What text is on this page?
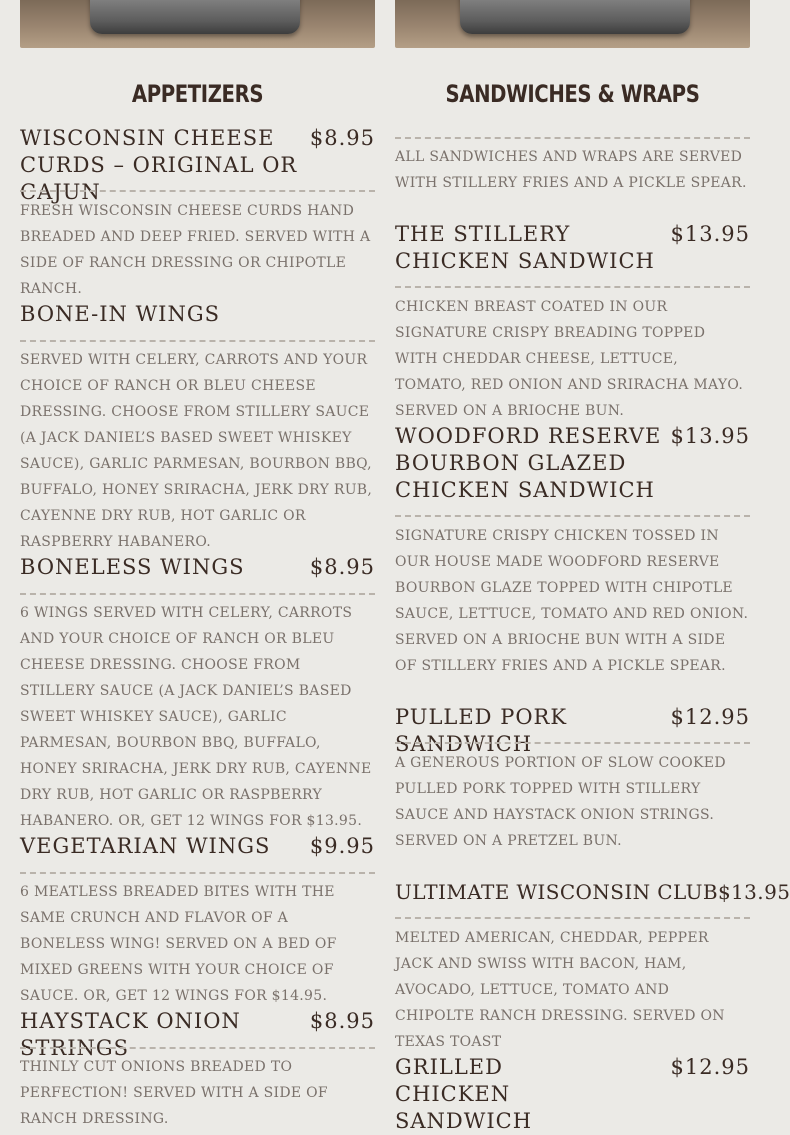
APPETIZERS
WISCONSIN CHEESE CURDS – ORIGINAL OR CAJUN
$8.95

FRESH WISCONSIN CHEESE CURDS HAND BREADED AND DEEP FRIED. SERVED WITH A SIDE OF RANCH DRESSING OR CHIPOTLE RANCH.

BONE-IN WINGS

SERVED WITH CELERY, CARROTS AND YOUR CHOICE OF RANCH OR BLEU CHEESE DRESSING. CHOOSE FROM STILLERY SAUCE (A JACK DANIEL’S BASED SWEET WHISKEY SAUCE), GARLIC PARMESAN, BOURBON BBQ, BUFFALO, HONEY SRIRACHA, JERK DRY RUB, CAYENNE DRY RUB, HOT GARLIC OR RASPBERRY HABANERO.

BONELESS WINGS	$8.95

6 WINGS SERVED WITH CELERY, CARROTS AND YOUR CHOICE OF RANCH OR BLEU CHEESE DRESSING. CHOOSE FROM STILLERY SAUCE (A JACK DANIEL’S BASED SWEET WHISKEY SAUCE), GARLIC PARMESAN, BOURBON BBQ, BUFFALO, HONEY SRIRACHA, JERK DRY RUB, CAYENNE DRY RUB, HOT GARLIC OR RASPBERRY HABANERO. OR, GET 12 WINGS FOR $13.95.

VEGETARIAN WINGS $9.95

6 MEATLESS BREADED BITES WITH THE SAME CRUNCH AND FLAVOR OF A BONELESS WING! SERVED ON A BED OF MIXED GREENS WITH YOUR CHOICE OF SAUCE. OR, GET 12 WINGS FOR $14.95.

HAYSTACK ONION STRINGS
$8.95

THINLY CUT ONIONS BREADED TO PERFECTION! SERVED WITH A SIDE OF RANCH DRESSING.

SANDWICHES & WRAPS

ALL SANDWICHES AND WRAPS ARE SERVED WITH STILLERY FRIES AND A PICKLE SPEAR.

THE STILLERY CHICKEN SANDWICH
$13.95

CHICKEN BREAST COATED IN OUR SIGNATURE CRISPY BREADING TOPPED WITH CHEDDAR CHEESE, LETTUCE, TOMATO, RED ONION AND SRIRACHA MAYO. SERVED ON A BRIOCHE BUN.

WOODFORD RESERVE BOURBON GLAZED CHICKEN SANDWICH
$13.95

SIGNATURE CRISPY CHICKEN TOSSED IN OUR HOUSE MADE WOODFORD RESERVE BOURBON GLAZE TOPPED WITH CHIPOTLE SAUCE, LETTUCE, TOMATO AND RED ONION. SERVED ON A BRIOCHE BUN WITH A SIDE OF STILLERY FRIES AND A PICKLE SPEAR.

PULLED PORK SANDWICH
$12.95

A GENEROUS PORTION OF SLOW COOKED PULLED PORK TOPPED WITH STILLERY SAUCE AND HAYSTACK ONION STRINGS. SERVED ON A PRETZEL BUN.

ULTIMATE WISCONSIN CLUB $13.95

MELTED AMERICAN, CHEDDAR, PEPPER JACK AND SWISS WITH BACON, HAM, AVOCADO, LETTUCE, TOMATO AND CHIPOLTE RANCH DRESSING. SERVED ON TEXAS TOAST

GRILLED CHICKEN SANDWICH
$12.95
